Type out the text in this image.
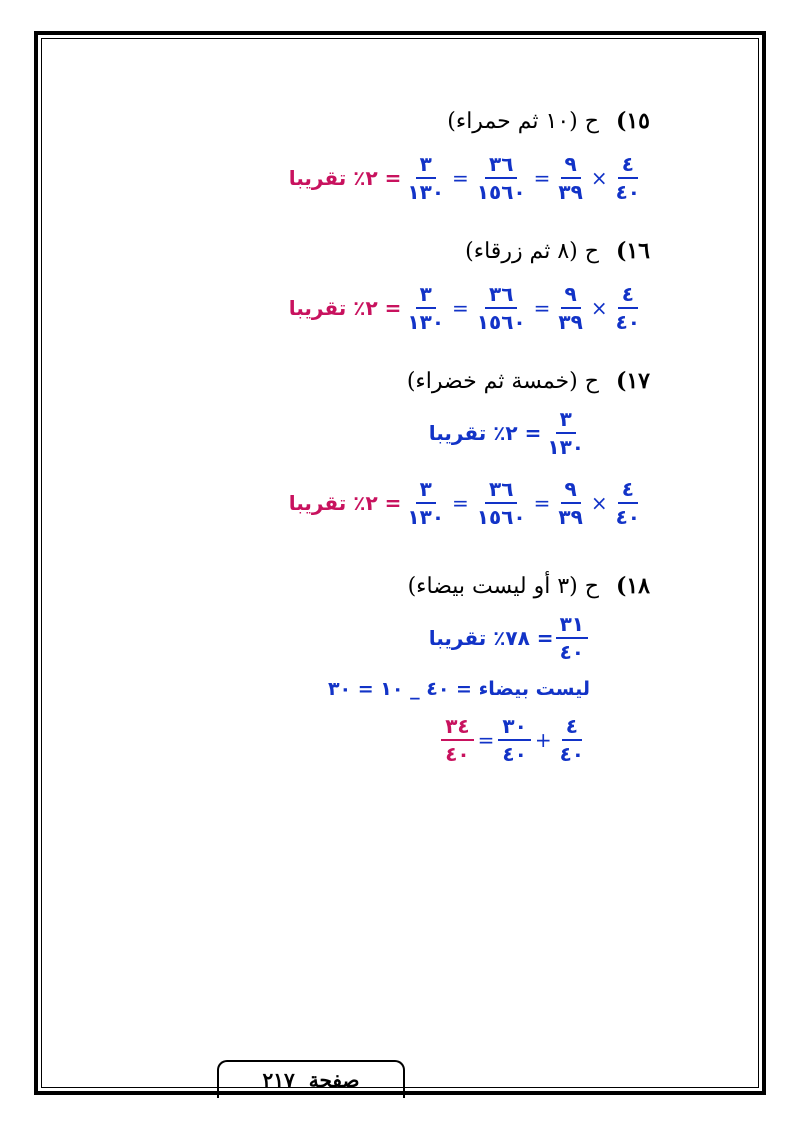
١٥) ح (١٠ ثم حمراء)
$\frac{٤}{٤٠}$
×
$\frac{٩}{٣٩}$
=
$\frac{٣٦}{١٥٦٠}$
=
$\frac{٣}{١٣٠}$
= ٢٪ تقريبا
١٦) ح (٨ ثم زرقاء)
$\frac{٤}{٤٠}$
×
$\frac{٩}{٣٩}$
=
$\frac{٣٦}{١٥٦٠}$
=
$\frac{٣}{١٣٠}$
= ٢٪ تقريبا
١٧) ح (خمسة ثم خضراء)
$\frac{٣}{١٣٠}$
= ٢٪ تقريبا
$\frac{٤}{٤٠}$
×
$\frac{٩}{٣٩}$
=
$\frac{٣٦}{١٥٦٠}$
=
$\frac{٣}{١٣٠}$
= ٢٪ تقريبا
١٨) ح (٣ أو ليست بيضاء)
$\frac{٣١}{٤٠}$
= ٧٨٪ تقريبا
ليست بيضاء = ٤٠ _ ١٠ = ٣٠
$\frac{٤}{٤٠}$
+
$\frac{٣٠}{٤٠}$
=
$\frac{٣٤}{٤٠}$
صفحة
٢١٧
